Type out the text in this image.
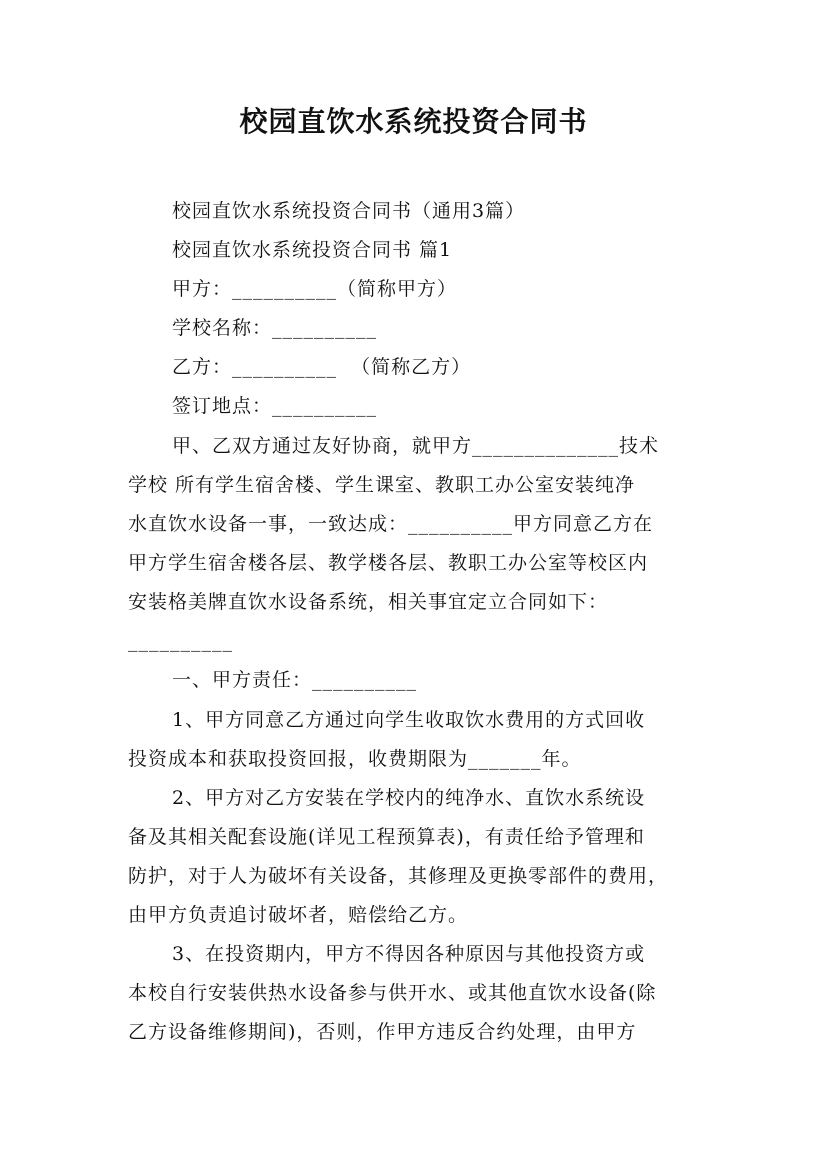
校园直饮水系统投资合同书

校园直饮水系统投资合同书（通用3篇）

校园直饮水系统投资合同书 篇1

甲方：__________（简称甲方）

学校名称：__________

乙方：__________  （简称乙方）

签订地点：__________

甲、乙双方通过友好协商，就甲方______________技术

学校 所有学生宿舍楼、学生课室、教职工办公室安装纯净

水直饮水设备一事，一致达成：__________甲方同意乙方在

甲方学生宿舍楼各层、教学楼各层、教职工办公室等校区内

安装格美牌直饮水设备系统，相关事宜定立合同如下：

__________

一、甲方责任：__________

1、甲方同意乙方通过向学生收取饮水费用的方式回收

投资成本和获取投资回报，收费期限为_______年。

2、甲方对乙方安装在学校内的纯净水、直饮水系统设

备及其相关配套设施(详见工程预算表)，有责任给予管理和

防护，对于人为破坏有关设备，其修理及更换零部件的费用，

由甲方负责追讨破坏者，赔偿给乙方。

3、在投资期内，甲方不得因各种原因与其他投资方或

本校自行安装供热水设备参与供开水、或其他直饮水设备(除

乙方设备维修期间)，否则，作甲方违反合约处理，由甲方
